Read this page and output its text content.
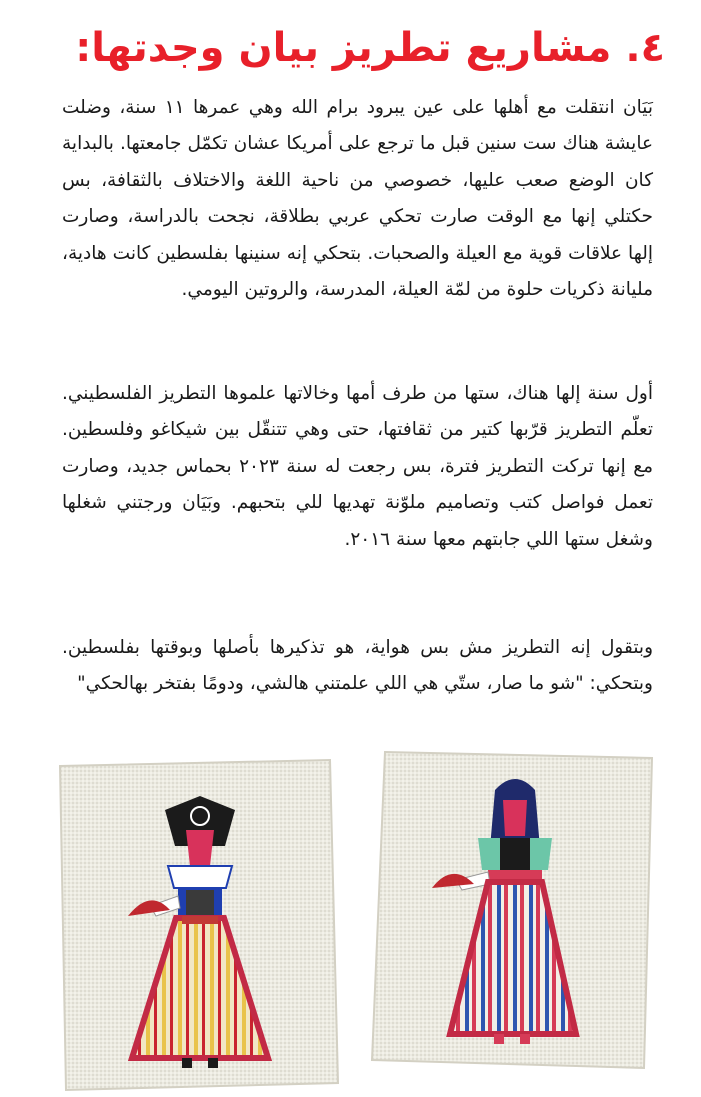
٤. مشاريع تطريز بيان وجدتها:

بَيَان انتقلت مع أهلها على عين يبرود برام الله وهي عمرها ١١ سنة، وضلت عايشة هناك ست سنين قبل ما ترجع على أمريكا عشان تكمّل جامعتها. بالبداية كان الوضع صعب عليها، خصوصي من ناحية اللغة والاختلاف بالثقافة، بس حكتلي إنها مع الوقت صارت تحكي عربي بطلاقة، نجحت بالدراسة، وصارت إلها علاقات قوية مع العيلة والصحبات. بتحكي إنه سنينها بفلسطين كانت هادية، مليانة ذكريات حلوة من لمّة العيلة، المدرسة، والروتين اليومي.

أول سنة إلها هناك، ستها من طرف أمها وخالاتها علموها التطريز الفلسطيني. تعلّم التطريز قرّبها كتير من ثقافتها، حتى وهي تتنقّل بين شيكاغو وفلسطين. مع إنها تركت التطريز فترة، بس رجعت له سنة ٢٠٢٣ بحماس جديد، وصارت تعمل فواصل كتب وتصاميم ملوّنة تهديها للي بتحبهم. وبَيَان ورجتني شغلها وشغل ستها اللي جابتهم معها سنة ٢٠١٦.

وبتقول إنه التطريز مش بس هواية، هو تذكيرها بأصلها وبوقتها بفلسطين. وبتحكي: "شو ما صار، ستّي هي اللي علمتني هالشي، ودومًا بفتخر بهالحكي"
